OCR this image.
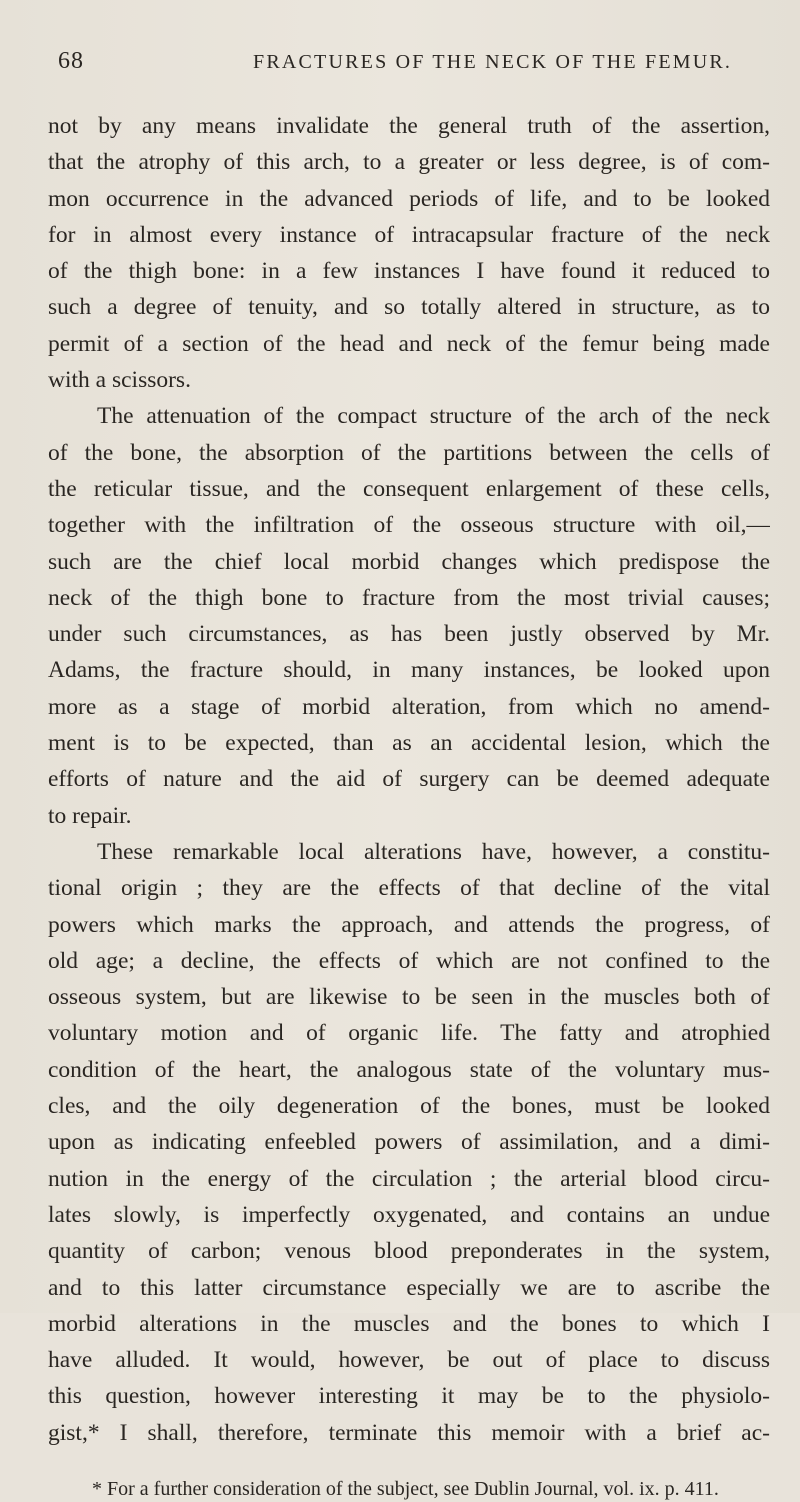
68	FRACTURES OF THE NECK OF THE FEMUR.
not by any means invalidate the general truth of the assertion,
that the atrophy of this arch, to a greater or less degree, is of com-
mon occurrence in the advanced periods of life, and to be looked
for in almost every instance of intracapsular fracture of the neck
of the thigh bone: in a few instances I have found it reduced to
such a degree of tenuity, and so totally altered in structure, as to
permit of a section of the head and neck of the femur being made
with a scissors.
The attenuation of the compact structure of the arch of the neck
of the bone, the absorption of the partitions between the cells of
the reticular tissue, and the consequent enlargement of these cells,
together with the infiltration of the osseous structure with oil,—
such are the chief local morbid changes which predispose the
neck of the thigh bone to fracture from the most trivial causes;
under such circumstances, as has been justly observed by Mr.
Adams, the fracture should, in many instances, be looked upon
more as a stage of morbid alteration, from which no amend-
ment is to be expected, than as an accidental lesion, which the
efforts of nature and the aid of surgery can be deemed adequate
to repair.
These remarkable local alterations have, however, a constitu-
tional origin ; they are the effects of that decline of the vital
powers which marks the approach, and attends the progress, of
old age; a decline, the effects of which are not confined to the
osseous system, but are likewise to be seen in the muscles both of
voluntary motion and of organic life. The fatty and atrophied
condition of the heart, the analogous state of the voluntary mus-
cles, and the oily degeneration of the bones, must be looked
upon as indicating enfeebled powers of assimilation, and a dimi-
nution in the energy of the circulation ; the arterial blood circu-
lates slowly, is imperfectly oxygenated, and contains an undue
quantity of carbon; venous blood preponderates in the system,
and to this latter circumstance especially we are to ascribe the
morbid alterations in the muscles and the bones to which I
have alluded. It would, however, be out of place to discuss
this question, however interesting it may be to the physiolo-
gist,* I shall, therefore, terminate this memoir with a brief ac-
* For a further consideration of the subject, see Dublin Journal, vol. ix. p. 411.
